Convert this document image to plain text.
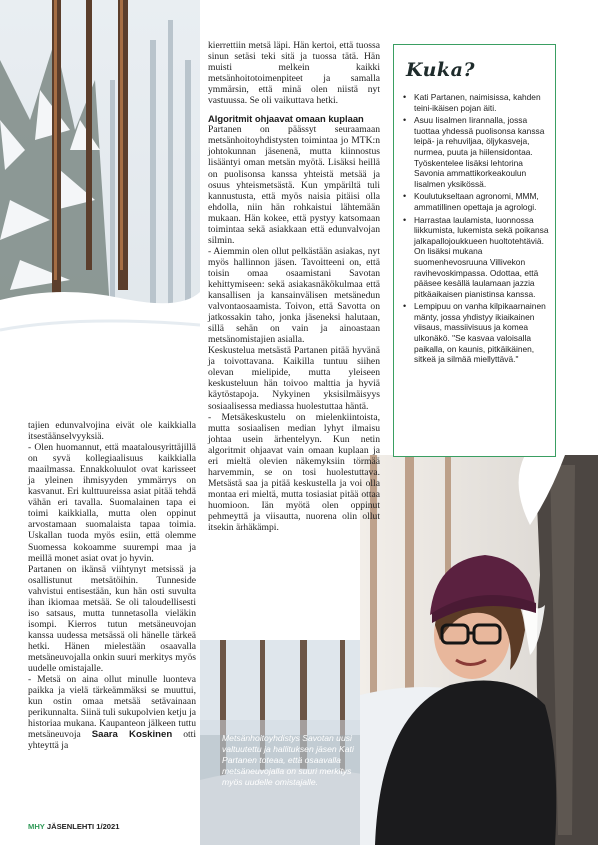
tajien edunvalvojina eivät ole kaikkialla itsestäänselvyyksiä.

- Olen huomannut, että maatalousyrittäjillä on syvä kollegiaalisuus kaikkialla maailmassa. Ennakkoluulot ovat karisseet ja yleinen ihmisyyden ymmärrys on kasvanut. Eri kulttuureissa asiat pitää tehdä vähän eri tavalla. Suomalainen tapa ei toimi kaikkialla, mutta olen oppinut arvostamaan suomalaista tapaa toimia. Uskallan tuoda myös esiin, että olemme Suomessa kokoamme suurempi maa ja meillä monet asiat ovat jo hyvin.

Partanen on ikänsä viihtynyt metsissä ja osallistunut metsätöihin. Tunneside vahvistui entisestään, kun hän osti suvulta ihan ikiomaa metsää. Se oli taloudellisesti iso satsaus, mutta tunnetasolla vieläkin isompi. Kierros tutun metsäneuvojan kanssa uudessa metsässä oli hänelle tärkeä hetki. Hänen mielestään osaavalla metsäneuvojalla onkin suuri merkitys myös uudelle omistajalle.

- Metsä on aina ollut minulle luonteva paikka ja vielä tärkeämmäksi se muuttui, kun ostin omaa metsää setävainaan perikunnalta. Siinä tuli sukupolvien ketju ja historiaa mukana. Kaupanteon jälkeen tuttu metsäneuvoja Saara Koskinen otti yhteyttä ja

kierrettiin metsä läpi. Hän kertoi, että tuossa sinun setäsi teki sitä ja tuossa tätä. Hän muisti melkein kaikki metsänhoitotoimenpiteet ja samalla ymmärsin, että minä olen niistä nyt vastuussa. Se oli vaikuttava hetki.

Algoritmit ohjaavat omaan kuplaan

Partanen on päässyt seuraamaan metsänhoitoyhdistysten toimintaa jo MTK:n johtokunnan jäsenenä, mutta kiinnostus lisääntyi oman metsän myötä. Lisäksi heillä on puolisonsa kanssa yhteistä metsää ja osuus yhteismetsästä. Kun ympäriltä tuli kannustusta, että myös naisia pitäisi olla ehdolla, niin hän rohkaistui lähtemään mukaan. Hän kokee, että pystyy katsomaan toimintaa sekä asiakkaan että edunvalvojan silmin.

- Aiemmin olen ollut pelkästään asiakas, nyt myös hallinnon jäsen. Tavoitteeni on, että toisin omaa osaamistani Savotan kehittymiseen: sekä asiakasnäkökulmaa että kansallisen ja kansainvälisen metsänedun valvontaosaamista. Toivon, että Savotta on jatkossakin taho, jonka jäseneksi halutaan, sillä sehän on vain ja ainoastaan metsänomistajien asialla.

Keskustelua metsästä Partanen pitää hyvänä ja toivottavana. Kaikilla tuntuu siihen olevan mielipide, mutta yleiseen keskusteluun hän toivoo malttia ja hyviä käytöstapoja. Nykyinen yksisilmäisyys sosiaalisessa mediassa huolestuttaa häntä.

- Metsäkeskustelu on mielenkiintoista, mutta sosiaalisen median lyhyt ilmaisu johtaa usein ärhentelyyn. Kun netin algoritmit ohjaavat vain omaan kuplaan ja eri mieltä olevien näkemyksiin törmää harvemmin, se on tosi huolestuttava. Metsästä saa ja pitää keskustella ja voi olla montaa eri mieltä, mutta tosiasiat pitää ottaa huomioon. Iän myötä olen oppinut pehmeyttä ja viisautta, nuorena olin ollut itsekin ärhäkämpi.

Kuka?
• Kati Partanen, naimisissa, kahden teini-ikäisen pojan äiti.
• Asuu Iisalmen Iirannalla, jossa tuottaa yhdessä puolisonsa kanssa leipä- ja rehuviljaa, öljykasveja, nurmea, puuta ja hiilensidontaa. Työskentelee lisäksi lehtorina Savonia ammattikorkeakoulun Iisalmen yksikössä.
• Koulutukseltaan agronomi, MMM, ammatillinen opettaja ja agrologi.
• Harrastaa laulamista, luonnossa liikkumista, lukemista sekä poikansa jalkapallojoukkueen huoltotehtäviä. On lisäksi mukana suomenhevosruuna Villivekon ravihevoskimpassa. Odottaa, että pääsee kesällä laulamaan jazzia pitkäaikaisen pianistinsa kanssa.
• Lempipuu on vanha kilpikaarnainen mänty, jossa yhdistyy ikiaikainen viisaus, massiivisuus ja komea ulkonäkö. "Se kasvaa valoisalla paikalla, on kaunis, pitkäikäinen, sitkeä ja silmää miellyttävä."
Metsänhoitoyhdistys Savotan uusi valtuutettu ja hallituksen jäsen Kati Partanen toteaa, että osaavalla metsäneuvojalla on suuri merkitys myös uudelle omistajalle.
MHY JÄSENLEHTI 1/2021
